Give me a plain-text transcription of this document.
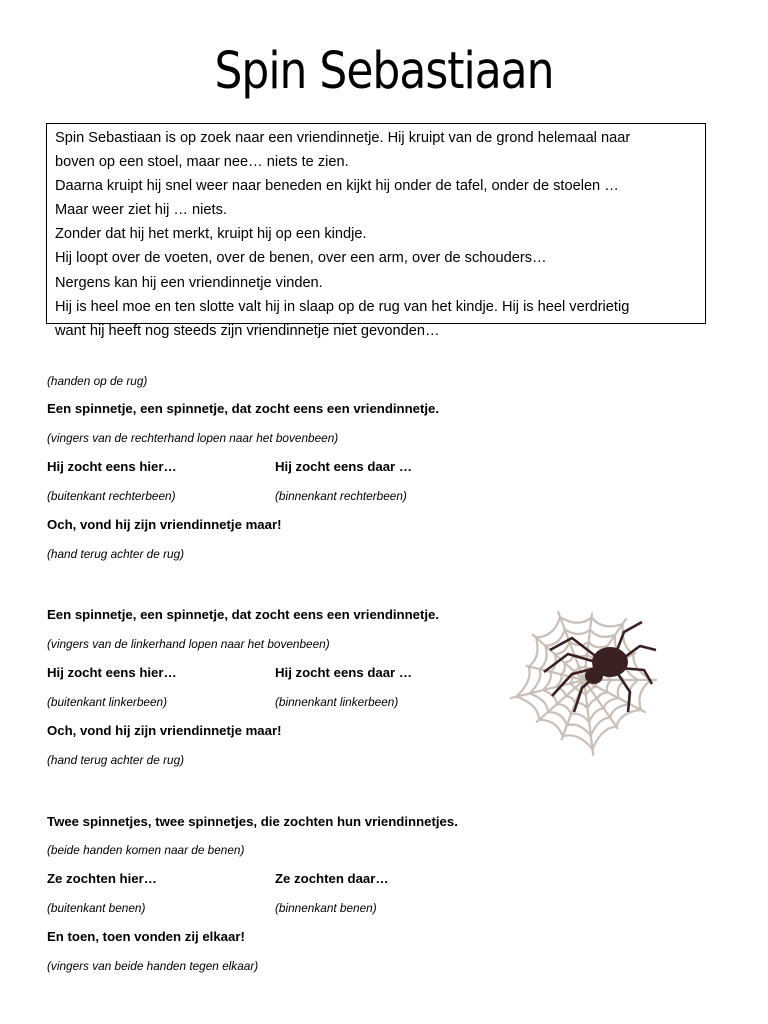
Spin Sebastiaan
Spin Sebastiaan is op zoek naar een vriendinnetje. Hij kruipt van de grond helemaal naar
boven op een stoel, maar nee… niets te zien.
Daarna kruipt hij snel weer naar beneden en kijkt hij onder de tafel, onder de stoelen …
Maar weer ziet hij … niets.
Zonder dat hij het merkt, kruipt hij op een kindje.
Hij loopt over de voeten, over de benen, over een arm, over de schouders…
Nergens kan hij een vriendinnetje vinden.
Hij is heel moe en ten slotte valt hij in slaap op de rug van het kindje. Hij is heel verdrietig
want hij heeft nog steeds zijn vriendinnetje niet gevonden…
(handen op de rug)
Een spinnetje, een spinnetje, dat zocht eens een vriendinnetje.
(vingers van de rechterhand lopen naar het bovenbeen)
Hij zocht eens hier…	Hij zocht eens daar …
(buitenkant rechterbeen)	(binnenkant rechterbeen)
Och, vond hij zijn vriendinnetje maar!
(hand terug achter de rug)
Een spinnetje, een spinnetje, dat zocht eens een vriendinnetje.
(vingers van de linkerhand lopen naar het bovenbeen)
Hij zocht eens hier…	Hij zocht eens daar …
(buitenkant linkerbeen)	(binnenkant linkerbeen)
Och, vond hij zijn vriendinnetje maar!
(hand terug achter de rug)
Twee spinnetjes, twee spinnetjes, die zochten hun vriendinnetjes.
(beide handen komen naar de benen)
Ze zochten hier…	Ze zochten daar…
(buitenkant benen)	(binnenkant benen)
En toen, toen vonden zij elkaar!
(vingers van beide handen tegen elkaar)
